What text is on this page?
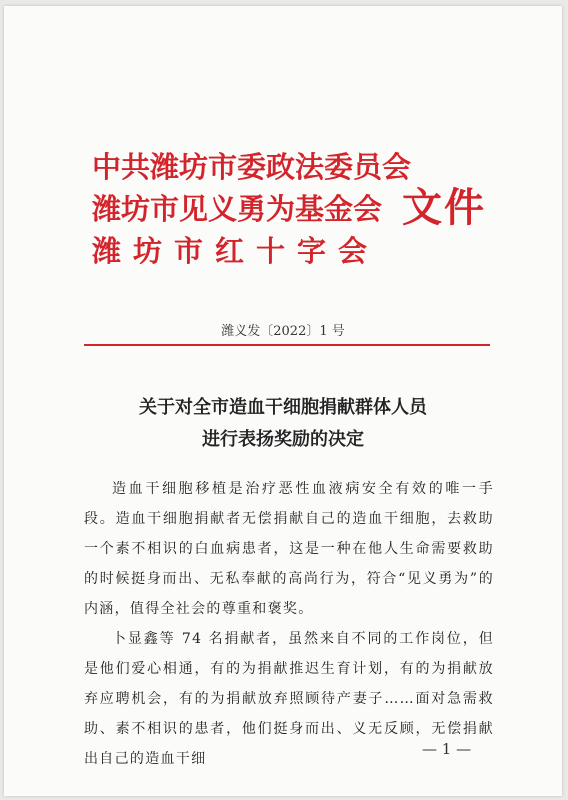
中共潍坊市委政法委员会
潍坊市见义勇为基金会
潍坊市红十字会
文件
潍义发〔2022〕1 号
关于对全市造血干细胞捐献群体人员
进行表扬奖励的决定

造血干细胞移植是治疗恶性血液病安全有效的唯一手段。造血干细胞捐献者无偿捐献自己的造血干细胞，去救助一个素不相识的白血病患者，这是一种在他人生命需要救助的时候挺身而出、无私奉献的高尚行为，符合“见义勇为”的内涵，值得全社会的尊重和褒奖。

卜显鑫等 74 名捐献者，虽然来自不同的工作岗位，但是他们爱心相通，有的为捐献推迟生育计划，有的为捐献放弃应聘机会，有的为捐献放弃照顾待产妻子……面对急需救助、素不相识的患者，他们挺身而出、义无反顾，无偿捐献出自己的造血干细

— 1 —
